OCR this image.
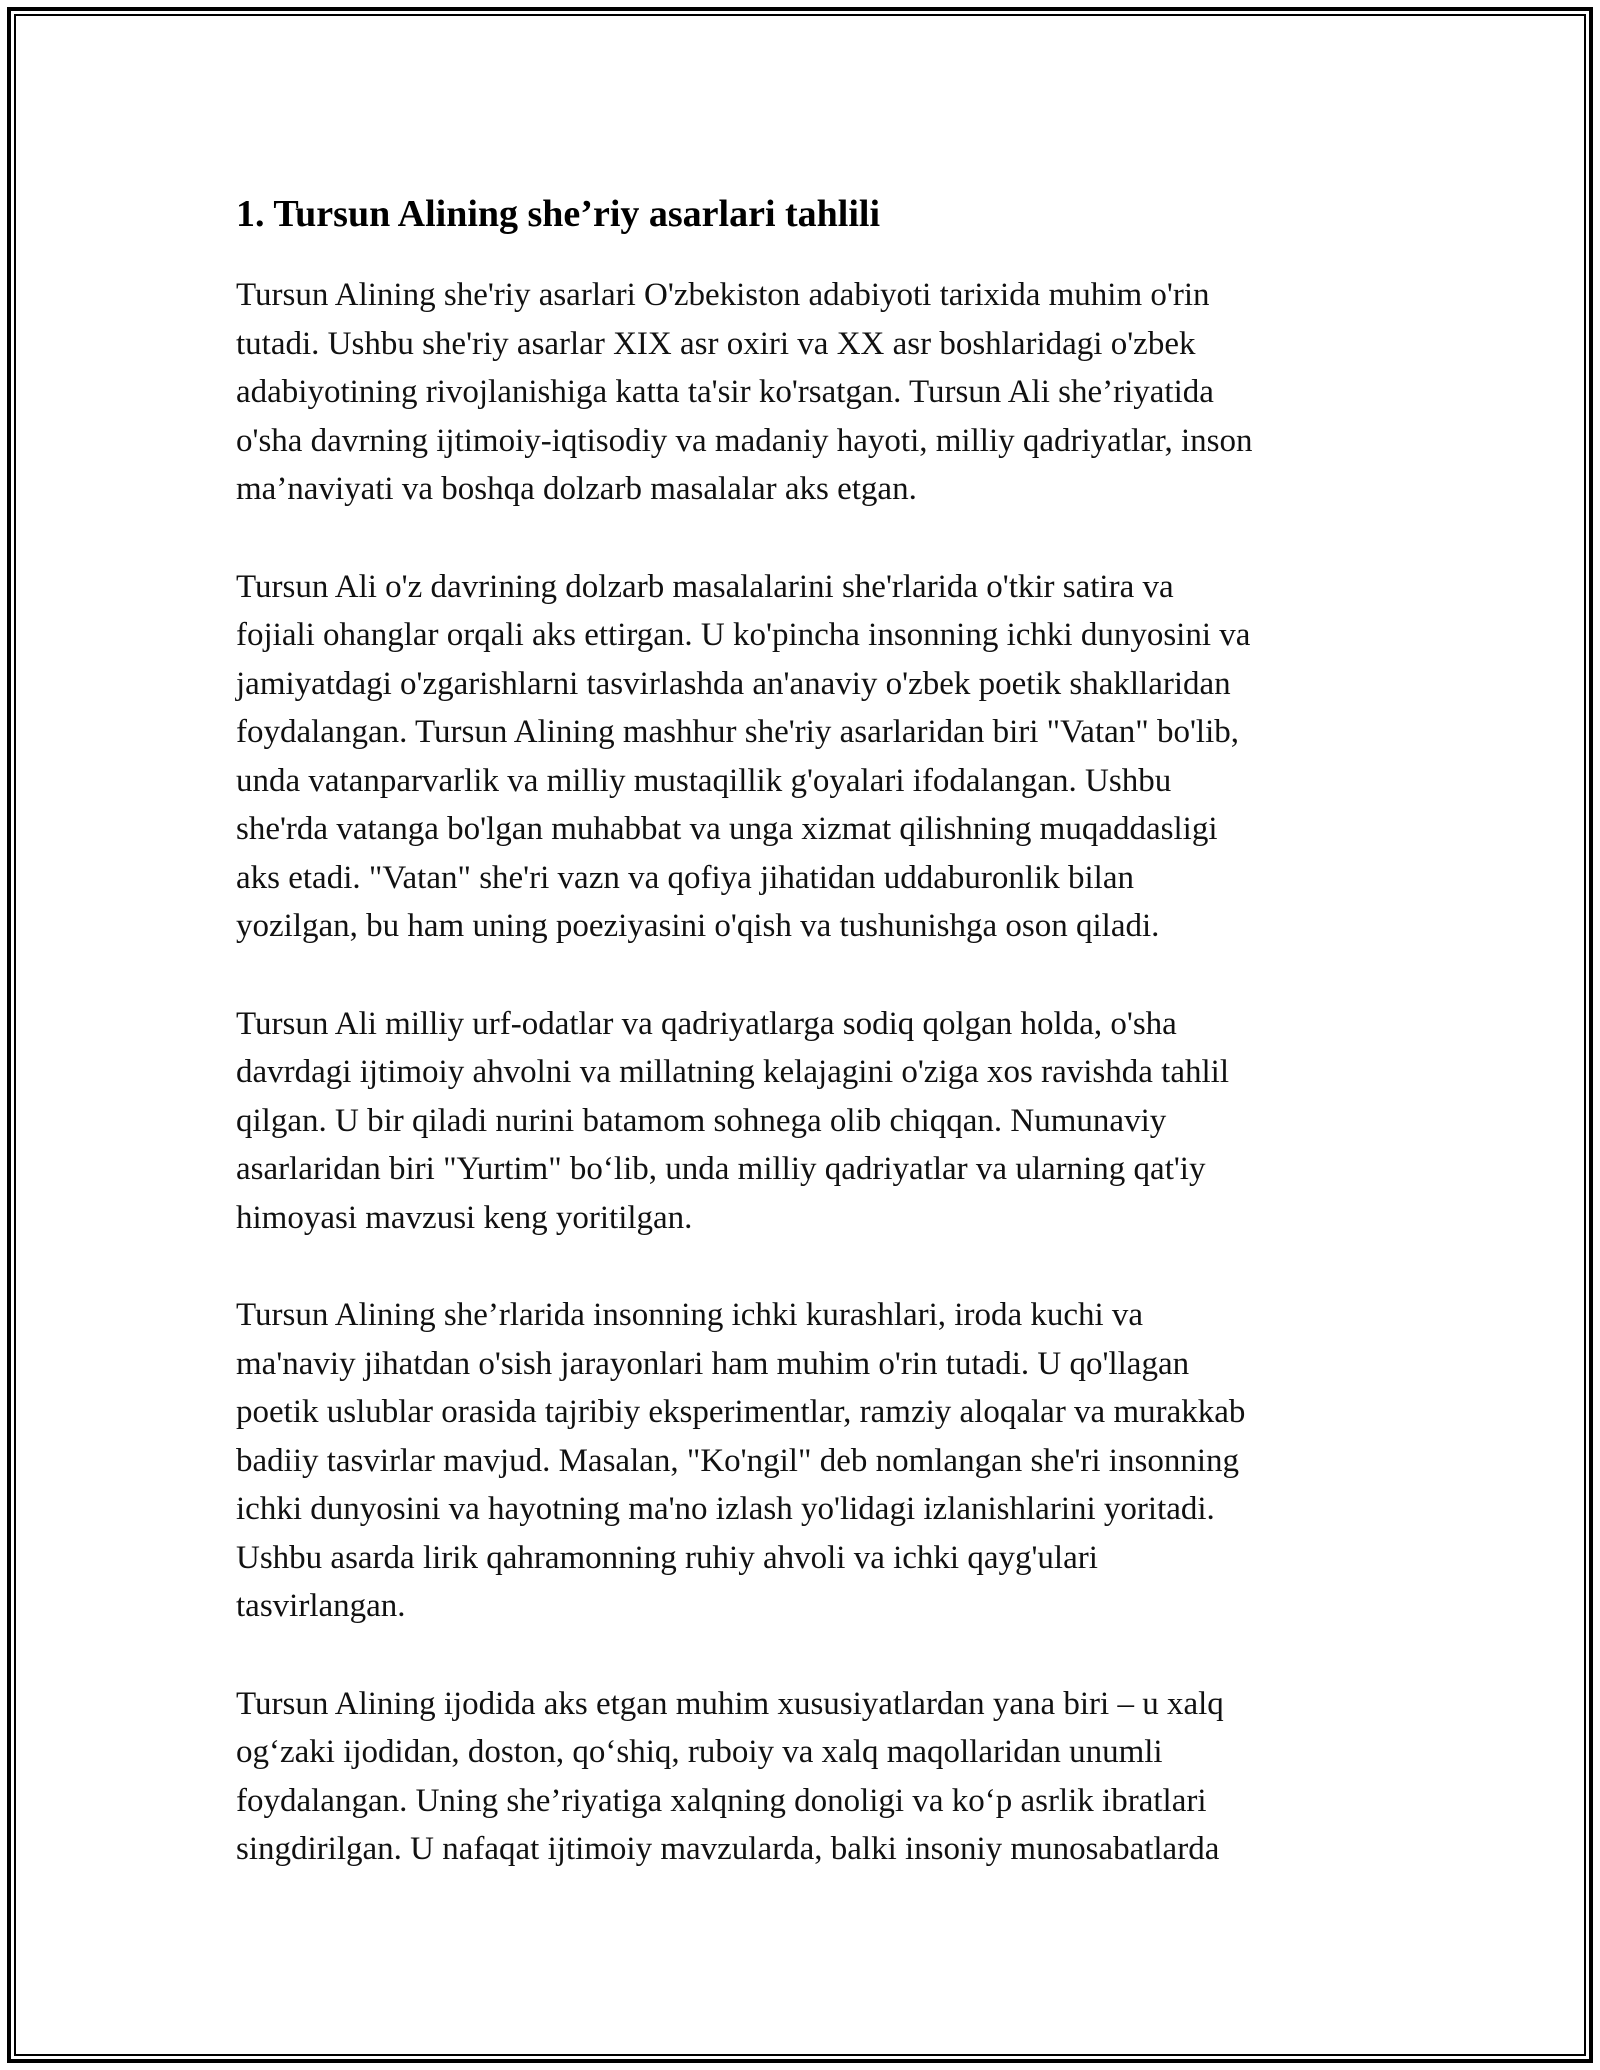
1. Tursun Alining she’riy asarlari tahlili

Tursun Alining she'riy asarlari O'zbekiston adabiyoti tarixida muhim o'rin
tutadi. Ushbu she'riy asarlar XIX asr oxiri va XX asr boshlaridagi o'zbek
adabiyotining rivojlanishiga katta ta'sir ko'rsatgan. Tursun Ali she’riyatida
o'sha davrning ijtimoiy-iqtisodiy va madaniy hayoti, milliy qadriyatlar, inson
ma’naviyati va boshqa dolzarb masalalar aks etgan.

Tursun Ali o'z davrining dolzarb masalalarini she'rlarida o'tkir satira va
fojiali ohanglar orqali aks ettirgan. U ko'pincha insonning ichki dunyosini va
jamiyatdagi o'zgarishlarni tasvirlashda an'anaviy o'zbek poetik shakllaridan
foydalangan. Tursun Alining mashhur she'riy asarlaridan biri "Vatan" bo'lib,
unda vatanparvarlik va milliy mustaqillik g'oyalari ifodalangan. Ushbu
she'rda vatanga bo'lgan muhabbat va unga xizmat qilishning muqaddasligi
aks etadi. "Vatan" she'ri vazn va qofiya jihatidan uddaburonlik bilan
yozilgan, bu ham uning poeziyasini o'qish va tushunishga oson qiladi.

Tursun Ali milliy urf-odatlar va qadriyatlarga sodiq qolgan holda, o'sha
davrdagi ijtimoiy ahvolni va millatning kelajagini o'ziga xos ravishda tahlil
qilgan. U bir qiladi nurini batamom sohnega olib chiqqan. Numunaviy
asarlaridan biri "Yurtim" bo‘lib, unda milliy qadriyatlar va ularning qat'iy
himoyasi mavzusi keng yoritilgan.

Tursun Alining she’rlarida insonning ichki kurashlari, iroda kuchi va
ma'naviy jihatdan o'sish jarayonlari ham muhim o'rin tutadi. U qo'llagan
poetik uslublar orasida tajribiy eksperimentlar, ramziy aloqalar va murakkab
badiiy tasvirlar mavjud. Masalan, "Ko'ngil" deb nomlangan she'ri insonning
ichki dunyosini va hayotning ma'no izlash yo'lidagi izlanishlarini yoritadi.
Ushbu asarda lirik qahramonning ruhiy ahvoli va ichki qayg'ulari
tasvirlangan.

Tursun Alining ijodida aks etgan muhim xususiyatlardan yana biri – u xalq
og‘zaki ijodidan, doston, qo‘shiq, ruboiy va xalq maqollaridan unumli
foydalangan. Uning she’riyatiga xalqning donoligi va ko‘p asrlik ibratlari
singdirilgan. U nafaqat ijtimoiy mavzularda, balki insoniy munosabatlarda
